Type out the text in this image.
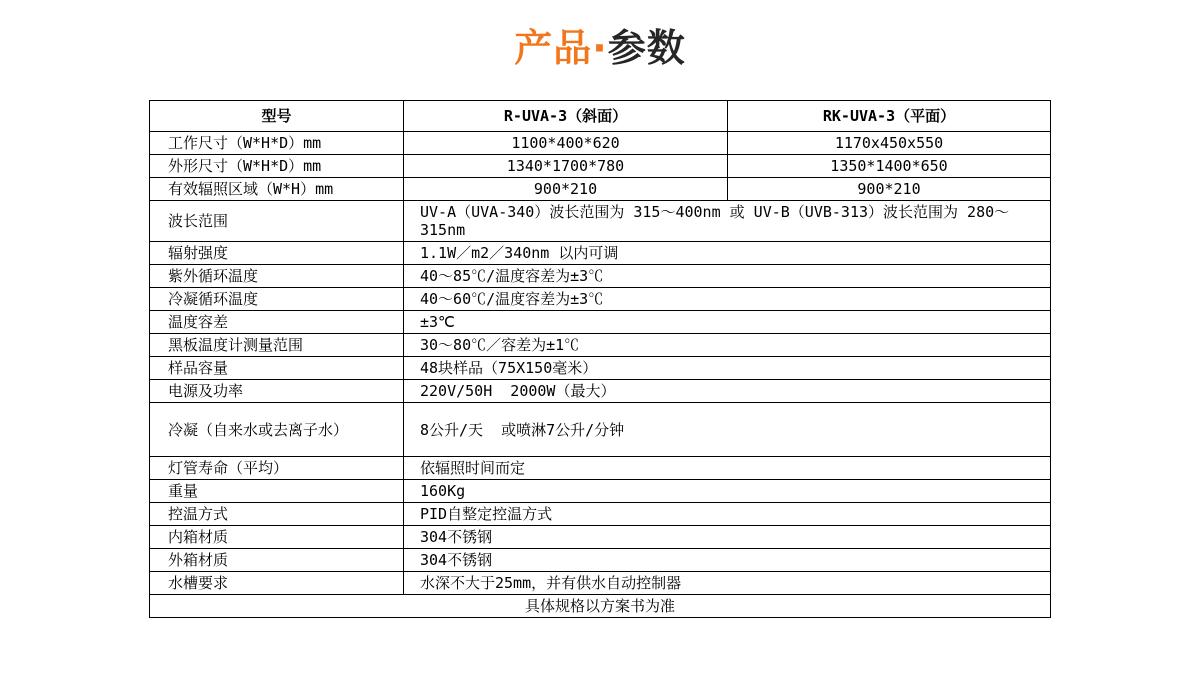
产品·参数
型号	R-UVA-3（斜面）	RK-UVA-3（平面）
工作尺寸（W*H*D）mm	1100*400*620	1170x450x550
外形尺寸（W*H*D）mm	1340*1700*780	1350*1400*650
有效辐照区域（W*H）mm	900*210	900*210
波长范围	UV-A（UVA-340）波长范围为 315～400nm 或 UV-B（UVB-313）波长范围为 280～315nm	
辐射强度	1.1W／m2／340nm 以内可调	
紫外循环温度	40～85℃/温度容差为±3℃	
冷凝循环温度	40～60℃/温度容差为±3℃	
温度容差	±3℃	
黑板温度计测量范围	30～80℃／容差为±1℃	
样品容量	48块样品（75X150毫米）	
电源及功率	220V/50H  2000W（最大）	
冷凝（自来水或去离子水）	8公升/天  或喷淋7公升/分钟	
灯管寿命（平均）	依辐照时间而定	
重量	160Kg	
控温方式	PID自整定控温方式	
内箱材质	304不锈钢	
外箱材质	304不锈钢	
水槽要求	水深不大于25mm，并有供水自动控制器	
具体规格以方案书为准		
